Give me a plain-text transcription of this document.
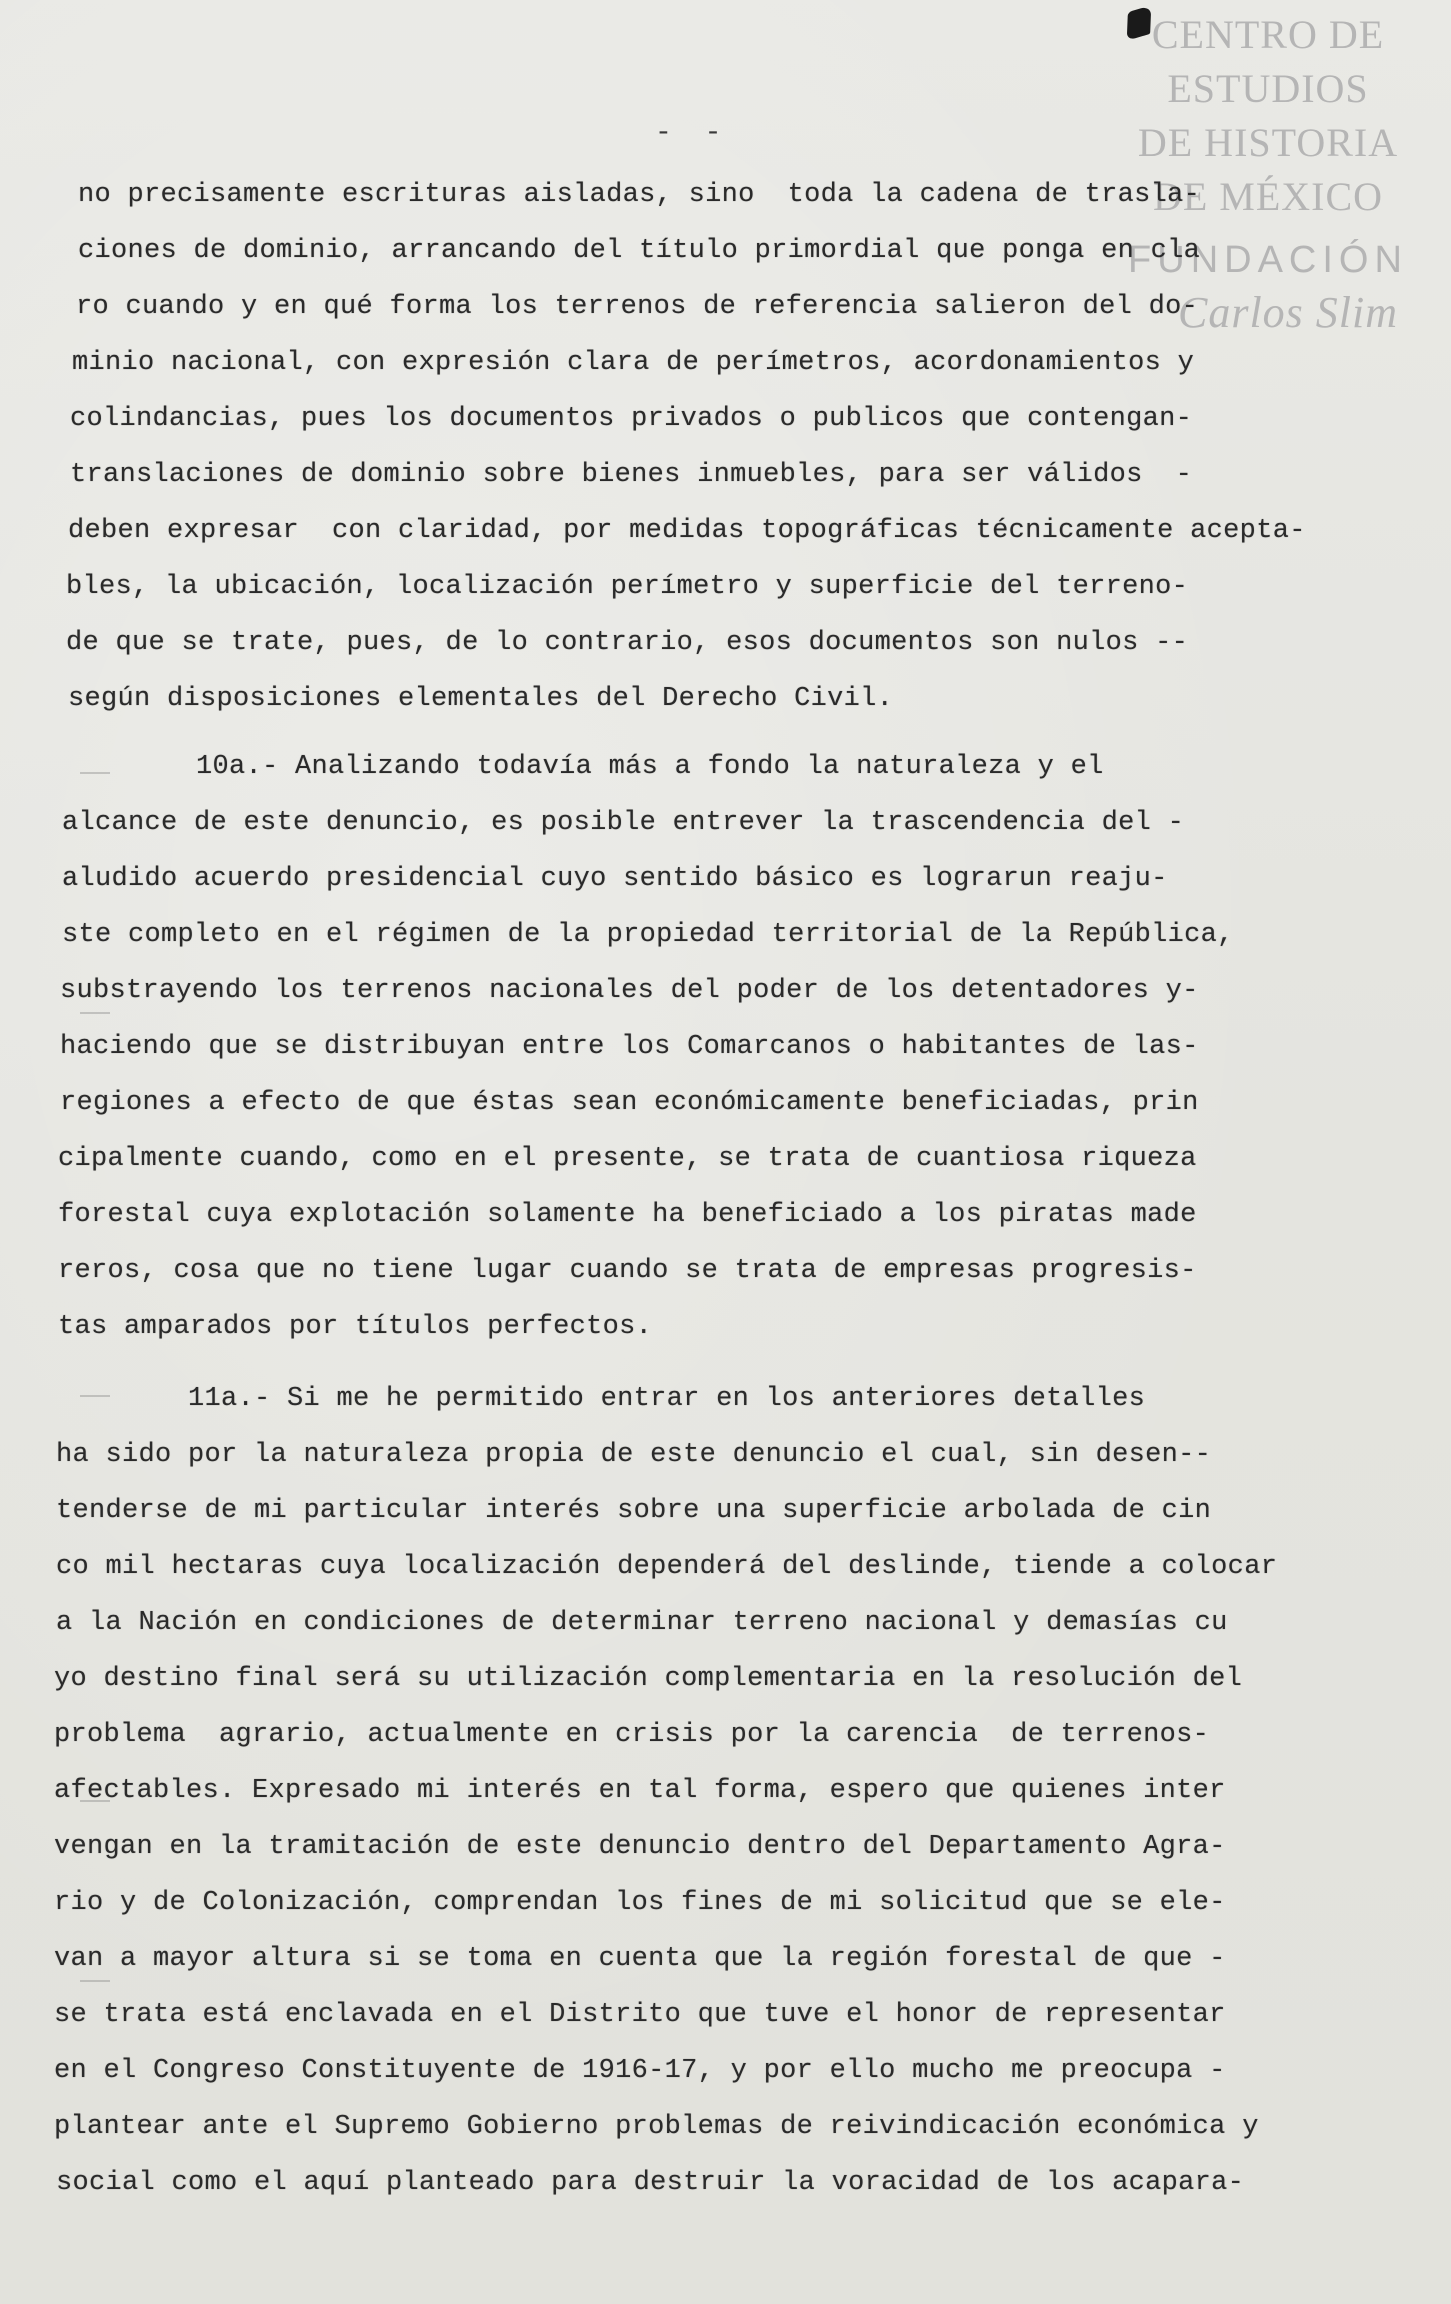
CENTRO DE
ESTUDIOS
DE HISTORIA
DE MÉXICO
FUNDACIÓN
Carlos Slim
- -
no precisamente escrituras aisladas, sino  toda la cadena de trasla-
ciones de dominio, arrancando del título primordial que ponga en cla
ro cuando y en qué forma los terrenos de referencia salieron del do-
minio nacional, con expresión clara de perímetros, acordonamientos y
colindancias, pues los documentos privados o publicos que contengan-
translaciones de dominio sobre bienes inmuebles, para ser válidos  -
deben expresar  con claridad, por medidas topográficas técnicamente acepta-
bles, la ubicación, localización perímetro y superficie del terreno-
de que se trate, pues, de lo contrario, esos documentos son nulos --
según disposiciones elementales del Derecho Civil.
10a.- Analizando todavía más a fondo la naturaleza y el
alcance de este denuncio, es posible entrever la trascendencia del -
aludido acuerdo presidencial cuyo sentido básico es lograrun reaju-
ste completo en el régimen de la propiedad territorial de la República,
substrayendo los terrenos nacionales del poder de los detentadores y-
haciendo que se distribuyan entre los Comarcanos o habitantes de las-
regiones a efecto de que éstas sean económicamente beneficiadas, prin
cipalmente cuando, como en el presente, se trata de cuantiosa riqueza
forestal cuya explotación solamente ha beneficiado a los piratas made
reros, cosa que no tiene lugar cuando se trata de empresas progresis-
tas amparados por títulos perfectos.
11a.- Si me he permitido entrar en los anteriores detalles
ha sido por la naturaleza propia de este denuncio el cual, sin desen--
tenderse de mi particular interés sobre una superficie arbolada de cin
co mil hectaras cuya localización dependerá del deslinde, tiende a colocar
a la Nación en condiciones de determinar terreno nacional y demasías cu
yo destino final será su utilización complementaria en la resolución del
problema  agrario, actualmente en crisis por la carencia  de terrenos-
afectables. Expresado mi interés en tal forma, espero que quienes inter
vengan en la tramitación de este denuncio dentro del Departamento Agra-
rio y de Colonización, comprendan los fines de mi solicitud que se ele-
van a mayor altura si se toma en cuenta que la región forestal de que -
se trata está enclavada en el Distrito que tuve el honor de representar
en el Congreso Constituyente de 1916-17, y por ello mucho me preocupa -
plantear ante el Supremo Gobierno problemas de reivindicación económica y
social como el aquí planteado para destruir la voracidad de los acapara-
